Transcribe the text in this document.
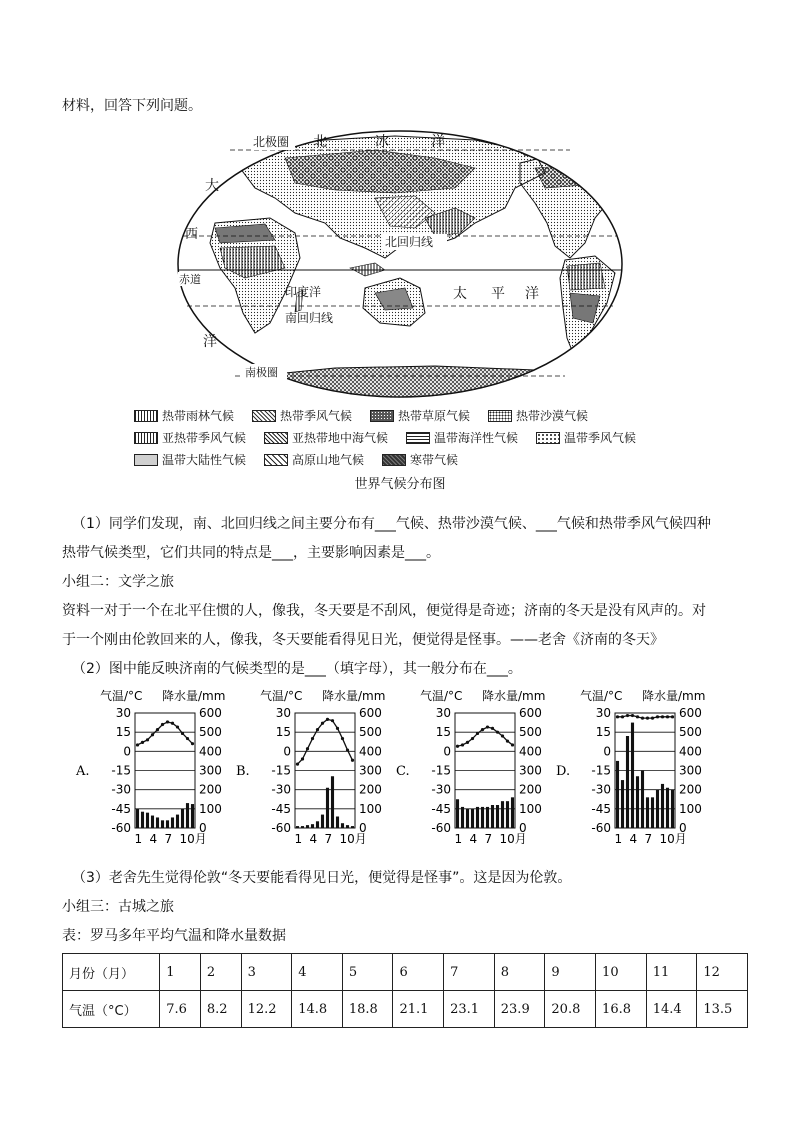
材料，回答下列问题。
北极圈 北	冰	洋
大
西
洋
赤道
北回归线
印度洋
南回归线
太 平 洋
南极圈
热带雨林气候	热带季风气候	热带草原气候	热带沙漠气候
亚热带季风气候	亚热带地中海气候	温带海洋性气候	温带季风气候
温带大陆性气候	高原山地气候	寒带气候
世界气候分布图
（1）同学们发现，南、北回归线之间主要分布有___气候、热带沙漠气候、___气候和热带季风气候四种
热带气候类型，它们共同的特点是___，主要影响因素是___。
小组二：文学之旅
资料一对于一个在北平住惯的人，像我，冬天要是不刮风，便觉得是奇迹；济南的冬天是没有风声的。对
于一个刚由伦敦回来的人，像我，冬天要能看得见日光，便觉得是怪事。——老舍《济南的冬天》
（2）图中能反映济南的气候类型的是___（填字母），其一般分布在___。
A.
气温/°C 降水量/mm
30	600
15	500
0	400
-15	300
-30	200
-45	100
-60	0
1 4 7 10月
B.
气温/°C 降水量/mm
30	600
15	500
0	400
-15	300
-30	200
-45	100
-60	0
1 4 7 10月
C.
气温/°C 降水量/mm
30	600
15	500
0	400
-15	300
-30	200
-45	100
-60	0
1 4 7 10月
D.
气温/°C 降水量/mm
30	600
15	500
0	400
-15	300
-30	200
-45	100
-60	0
1 4 7 10月
（3）老舍先生觉得伦敦“冬天要能看得见日光，便觉得是怪事”。这是因为伦敦。
小组三：古城之旅
表：罗马多年平均气温和降水量数据
月份（月）	1	2	3	4	5	6	7	8	9	10	11	12
气温（°C）	7.6	8.2	12.2	14.8	18.8	21.1	23.1	23.9	20.8	16.8	14.4	13.5
